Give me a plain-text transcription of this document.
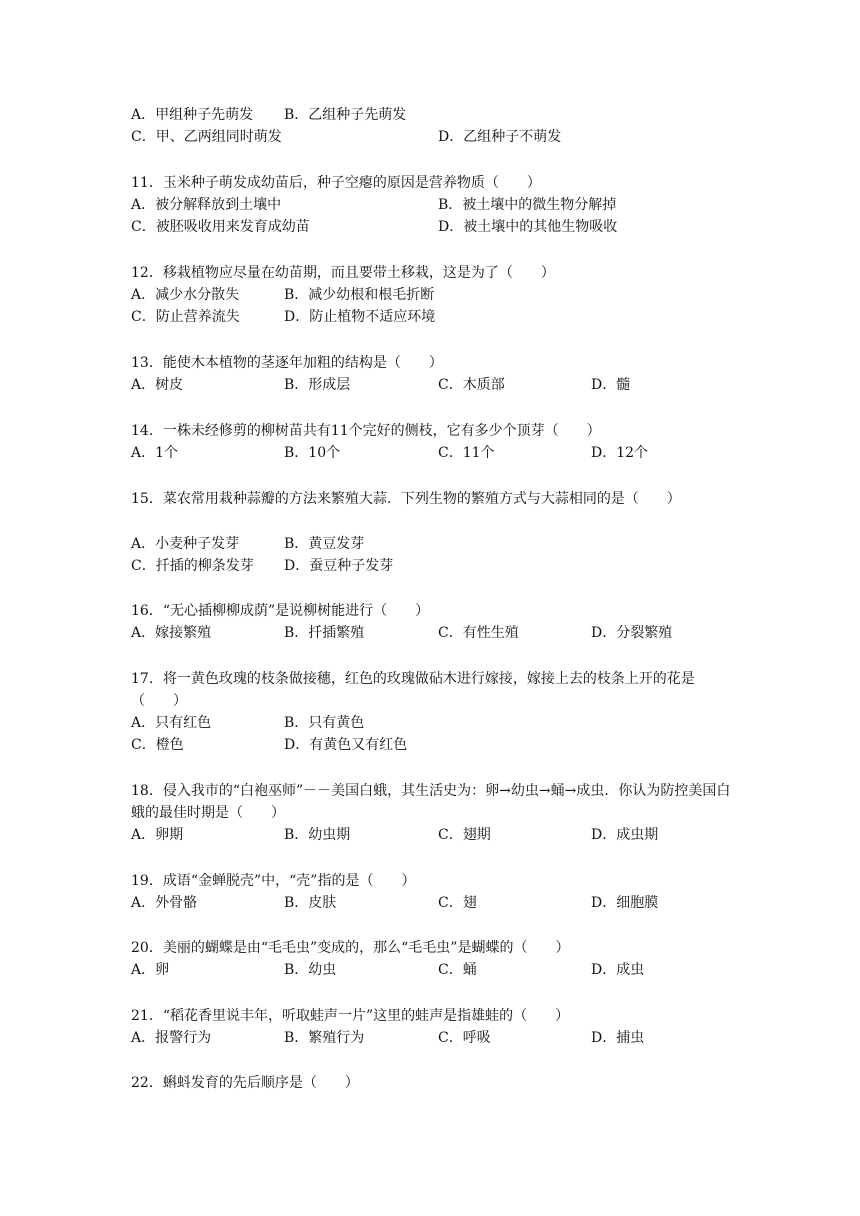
A．甲组种子先萌发 B．乙组种子先萌发
C．甲、乙两组同时萌发	D．乙组种子不萌发
11．玉米种子萌发成幼苗后，种子空瘪的原因是营养物质（　　）
A．被分解释放到土壤中	B．被土壤中的微生物分解掉
C．被胚吸收用来发育成幼苗	D．被土壤中的其他生物吸收
12．移栽植物应尽量在幼苗期，而且要带土移栽，这是为了（　　）
A．减少水分散失	B．减少幼根和根毛折断
C．防止营养流失	D．防止植物不适应环境
13．能使木本植物的茎逐年加粗的结构是（　　）
A．树皮	B．形成层	C．木质部	D．髓
14．一株未经修剪的柳树苗共有11个完好的侧枝，它有多少个顶芽（　　）
A．1个	B．10个	C．11个	D．12个
15．菜农常用栽种蒜瓣的方法来繁殖大蒜．下列生物的繁殖方式与大蒜相同的是（　　）
A．小麦种子发芽	B．黄豆发芽
C．扦插的柳条发芽 D．蚕豆种子发芽
16．“无心插柳柳成荫”是说柳树能进行（　　）
A．嫁接繁殖	B．扦插繁殖	C．有性生殖	D．分裂繁殖
17．将一黄色玫瑰的枝条做接穗，红色的玫瑰做砧木进行嫁接，嫁接上去的枝条上开的花是（　　）
A．只有红色	B．只有黄色
C．橙色	D．有黄色又有红色
18．侵入我市的“白袍巫师”－－美国白蛾，其生活史为：卵→幼虫→蛹→成虫．你认为防控美国白蛾的最佳时期是（　　）
A．卵期	B．幼虫期	C．翅期	D．成虫期
19．成语“金蝉脱壳”中，“壳”指的是（　　）
A．外骨骼	B．皮肤	C．翅	D．细胞膜
20．美丽的蝴蝶是由“毛毛虫”变成的，那么“毛毛虫”是蝴蝶的（　　）
A．卵	B．幼虫	C．蛹	D．成虫
21．“稻花香里说丰年，听取蛙声一片”这里的蛙声是指雄蛙的（　　）
A．报警行为	B．繁殖行为	C．呼吸	D．捕虫
22．蝌蚪发育的先后顺序是（　　）
